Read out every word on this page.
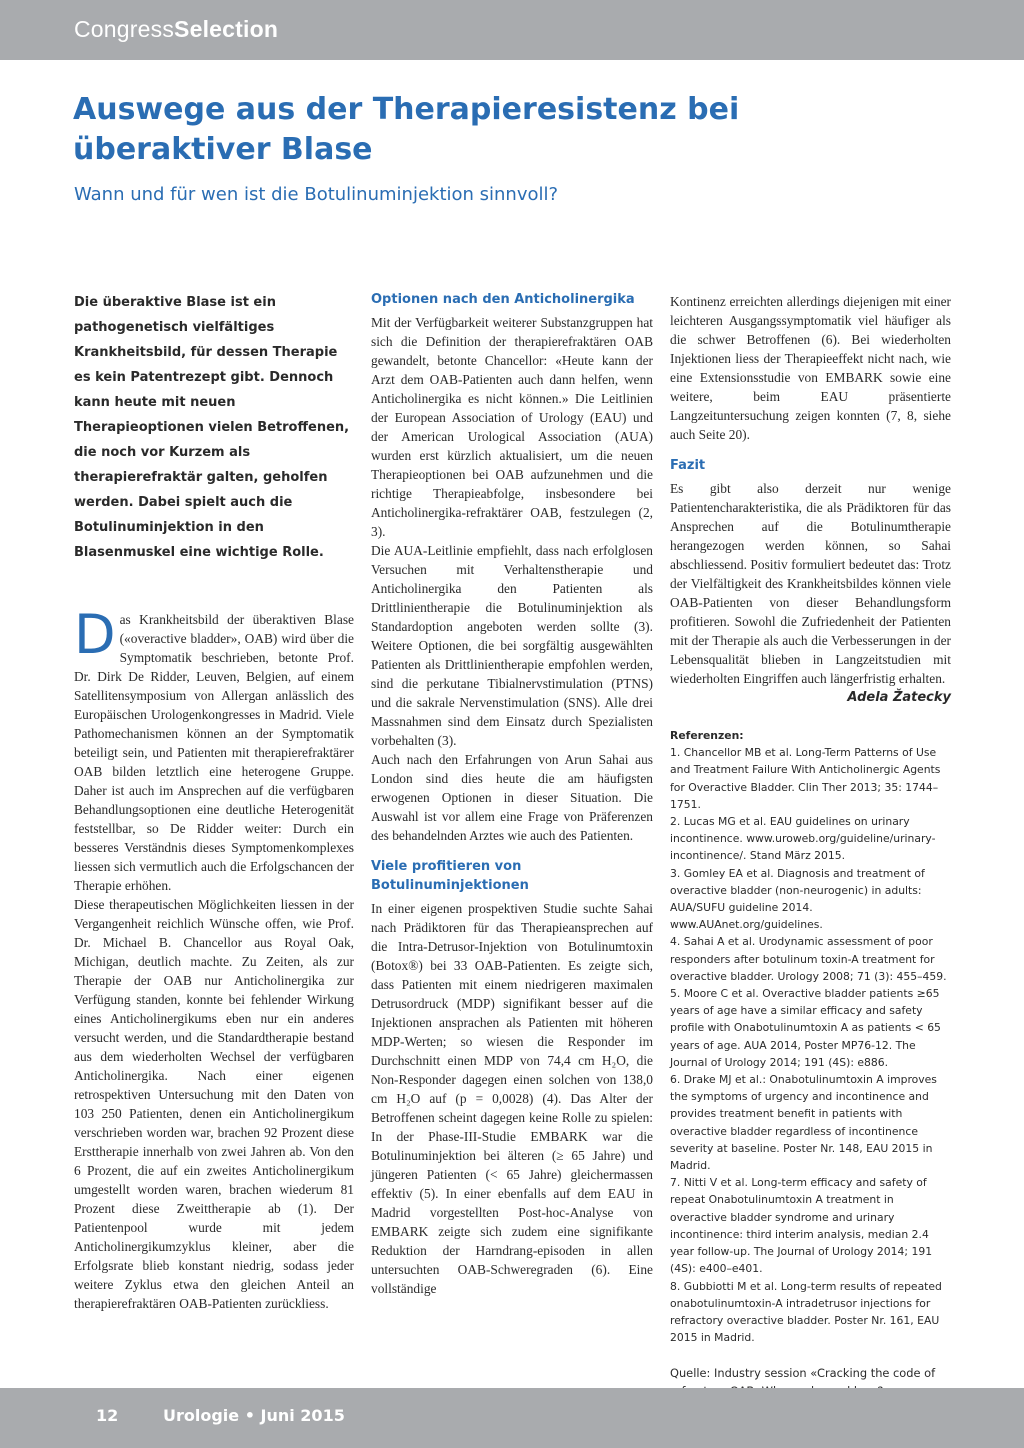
CongressSelection
Auswege aus der Therapieresistenz bei überaktiver Blase
Wann und für wen ist die Botulinuminjektion sinnvoll?

Die überaktive Blase ist ein pathogenetisch vielfältiges Krankheitsbild, für dessen Therapie es kein Patentrezept gibt. Dennoch kann heute mit neuen Therapieoptionen vielen Betroffenen, die noch vor Kurzem als therapierefraktär galten, geholfen werden. Dabei spielt auch die Botulinuminjektion in den Blasenmuskel eine wichtige Rolle.

Das Krankheitsbild der überaktiven Blase («overactive bladder», OAB) wird über die Symptomatik beschrieben, betonte Prof. Dr. Dirk De Ridder, Leuven, Belgien, auf einem Satellitensymposium von Allergan anlässlich des Europäischen Urologenkongresses in Madrid. Viele Pathomechanismen können an der Symptomatik beteiligt sein, und Patienten mit therapierefraktärer OAB bilden letztlich eine heterogene Gruppe. Daher ist auch im Ansprechen auf die verfügbaren Behandlungsoptionen eine deutliche Heterogenität feststellbar, so De Ridder weiter: Durch ein besseres Verständnis dieses Symptomenkomplexes liessen sich vermutlich auch die Erfolgschancen der Therapie erhöhen.

Diese therapeutischen Möglichkeiten liessen in der Vergangenheit reichlich Wünsche offen, wie Prof. Dr. Michael B. Chancellor aus Royal Oak, Michigan, deutlich machte. Zu Zeiten, als zur Therapie der OAB nur Anticholinergika zur Verfügung standen, konnte bei fehlender Wirkung eines Anticholinergikums eben nur ein anderes versucht werden, und die Standardtherapie bestand aus dem wiederholten Wechsel der verfügbaren Anticholinergika. Nach einer eigenen retrospektiven Untersuchung mit den Daten von 103 250 Patienten, denen ein Anticholinergikum verschrieben worden war, brachen 92 Prozent diese Ersttherapie innerhalb von zwei Jahren ab. Von den 6 Prozent, die auf ein zweites Anticholinergikum umgestellt worden waren, brachen wiederum 81 Prozent diese Zweittherapie ab (1). Der Patientenpool wurde mit jedem Anticholinergikumzyklus kleiner, aber die Erfolgsrate blieb konstant niedrig, sodass jeder weitere Zyklus etwa den gleichen Anteil an therapierefraktären OAB-Patienten zurückliess.

Optionen nach den Anticholinergika

Mit der Verfügbarkeit weiterer Substanzgruppen hat sich die Definition der therapierefraktären OAB gewandelt, betonte Chancellor: «Heute kann der Arzt dem OAB-Patienten auch dann helfen, wenn Anticholinergika es nicht können.» Die Leitlinien der European Association of Urology (EAU) und der American Urological Association (AUA) wurden erst kürzlich aktualisiert, um die neuen Therapieoptionen bei OAB aufzunehmen und die richtige Therapieabfolge, insbesondere bei Anticholinergika-refraktärer OAB, festzulegen (2, 3).

Die AUA-Leitlinie empfiehlt, dass nach erfolglosen Versuchen mit Verhaltenstherapie und Anticholinergika den Patienten als Drittlinientherapie die Botulinuminjektion als Standardoption angeboten werden sollte (3). Weitere Optionen, die bei sorgfältig ausgewählten Patienten als Drittlinientherapie empfohlen werden, sind die perkutane Tibialnervstimulation (PTNS) und die sakrale Nervenstimulation (SNS). Alle drei Massnahmen sind dem Einsatz durch Spezialisten vorbehalten (3).

Auch nach den Erfahrungen von Arun Sahai aus London sind dies heute die am häufigsten erwogenen Optionen in dieser Situation. Die Auswahl ist vor allem eine Frage von Präferenzen des behandelnden Arztes wie auch des Patienten.

Viele profitieren von Botulinuminjektionen

In einer eigenen prospektiven Studie suchte Sahai nach Prädiktoren für das Therapieansprechen auf die Intra-Detrusor-Injektion von Botulinumtoxin (Botox®) bei 33 OAB-Patienten. Es zeigte sich, dass Patienten mit einem niedrigeren maximalen Detrusordruck (MDP) signifikant besser auf die Injektionen ansprachen als Patienten mit höheren MDP-Werten; so wiesen die Responder im Durchschnitt einen MDP von 74,4 cm H₂O, die Non-Responder dagegen einen solchen von 138,0 cm H₂O auf (p = 0,0028) (4). Das Alter der Betroffenen scheint dagegen keine Rolle zu spielen: In der Phase-III-Studie EMBARK war die Botulinuminjektion bei älteren (≥ 65 Jahre) und jüngeren Patienten (< 65 Jahre) gleichermassen effektiv (5). In einer ebenfalls auf dem EAU in Madrid vorgestellten Post-hoc-Analyse von EMBARK zeigte sich zudem eine signifikante Reduktion der Harndrang-episoden in allen untersuchten OAB-Schweregraden (6). Eine vollständige

Kontinenz erreichten allerdings diejenigen mit einer leichteren Ausgangssymptomatik viel häufiger als die schwer Betroffenen (6). Bei wiederholten Injektionen liess der Therapieeffekt nicht nach, wie eine Extensionsstudie von EMBARK sowie eine weitere, beim EAU präsentierte Langzeituntersuchung zeigen konnten (7, 8, siehe auch Seite 20).

Fazit

Es gibt also derzeit nur wenige Patientencharakteristika, die als Prädiktoren für das Ansprechen auf die Botulinumtherapie herangezogen werden können, so Sahai abschliessend. Positiv formuliert bedeutet das: Trotz der Vielfältigkeit des Krankheitsbildes können viele OAB-Patienten von dieser Behandlungsform profitieren. Sowohl die Zufriedenheit der Patienten mit der Therapie als auch die Verbesserungen in der Lebensqualität blieben in Langzeitstudien mit wiederholten Eingriffen auch längerfristig erhalten.

Adela Žatecky

Referenzen:
1. Chancellor MB et al. Long-Term Patterns of Use and Treatment Failure With Anticholinergic Agents for Overactive Bladder. Clin Ther 2013; 35: 1744–1751.
2. Lucas MG et al. EAU guidelines on urinary incontinence. www.uroweb.org/guideline/urinary-incontinence/. Stand März 2015.
3. Gomley EA et al. Diagnosis and treatment of overactive bladder (non-neurogenic) in adults: AUA/SUFU guideline 2014. www.AUAnet.org/guidelines.
4. Sahai A et al. Urodynamic assessment of poor responders after botulinum toxin-A treatment for overactive bladder. Urology 2008; 71 (3): 455–459.
5. Moore C et al. Overactive bladder patients ≥65 years of age have a similar efficacy and safety profile with Onabotulinumtoxin A as patients < 65 years of age. AUA 2014, Poster MP76-12. The Journal of Urology 2014; 191 (4S): e886.
6. Drake MJ et al.: Onabotulinumtoxin A improves the symptoms of urgency and incontinence and provides treatment benefit in patients with overactive bladder regardless of incontinence severity at baseline. Poster Nr. 148, EAU 2015 in Madrid.
7. Nitti V et al. Long-term efficacy and safety of repeat Onabotulinumtoxin A treatment in overactive bladder syndrome and urinary incontinence: third interim analysis, median 2.4 year follow-up. The Journal of Urology 2014; 191 (4S): e400–e401.
8. Gubbiotti M et al. Long-term results of repeated onabotulinumtoxin-A intradetrusor injections for refractory overactive bladder. Poster Nr. 161, EAU 2015 in Madrid.
Quelle: Industry session «Cracking the code of
12	Urologie • Juni 2015
